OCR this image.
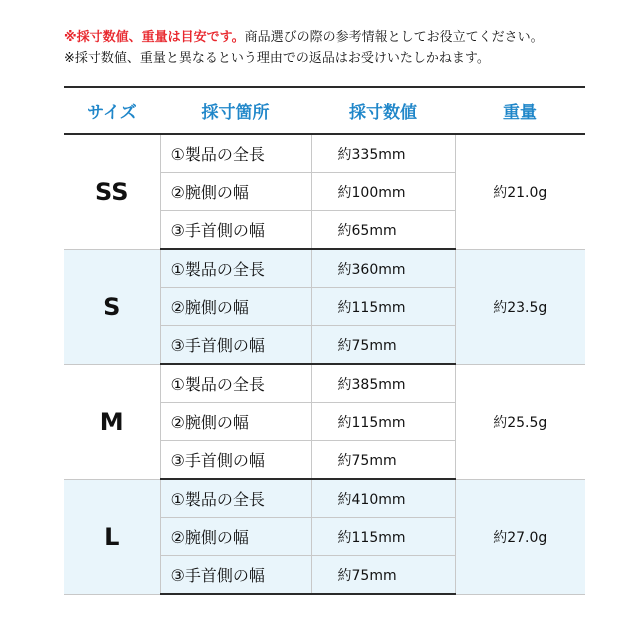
※採寸数値、重量は目安です。商品選びの際の参考情報としてお役立てください。
※採寸数値、重量と異なるという理由での返品はお受けいたしかねます。
サイズ	採寸箇所	採寸数値	重量
SS	①製品の全長	約335mm	約21.0g
	②腕側の幅	約100mm	
	③手首側の幅	約65mm	
S	①製品の全長	約360mm	約23.5g
	②腕側の幅	約115mm	
	③手首側の幅	約75mm	
M	①製品の全長	約385mm	約25.5g
	②腕側の幅	約115mm	
	③手首側の幅	約75mm	
L	①製品の全長	約410mm	約27.0g
	②腕側の幅	約115mm	
	③手首側の幅	約75mm	
